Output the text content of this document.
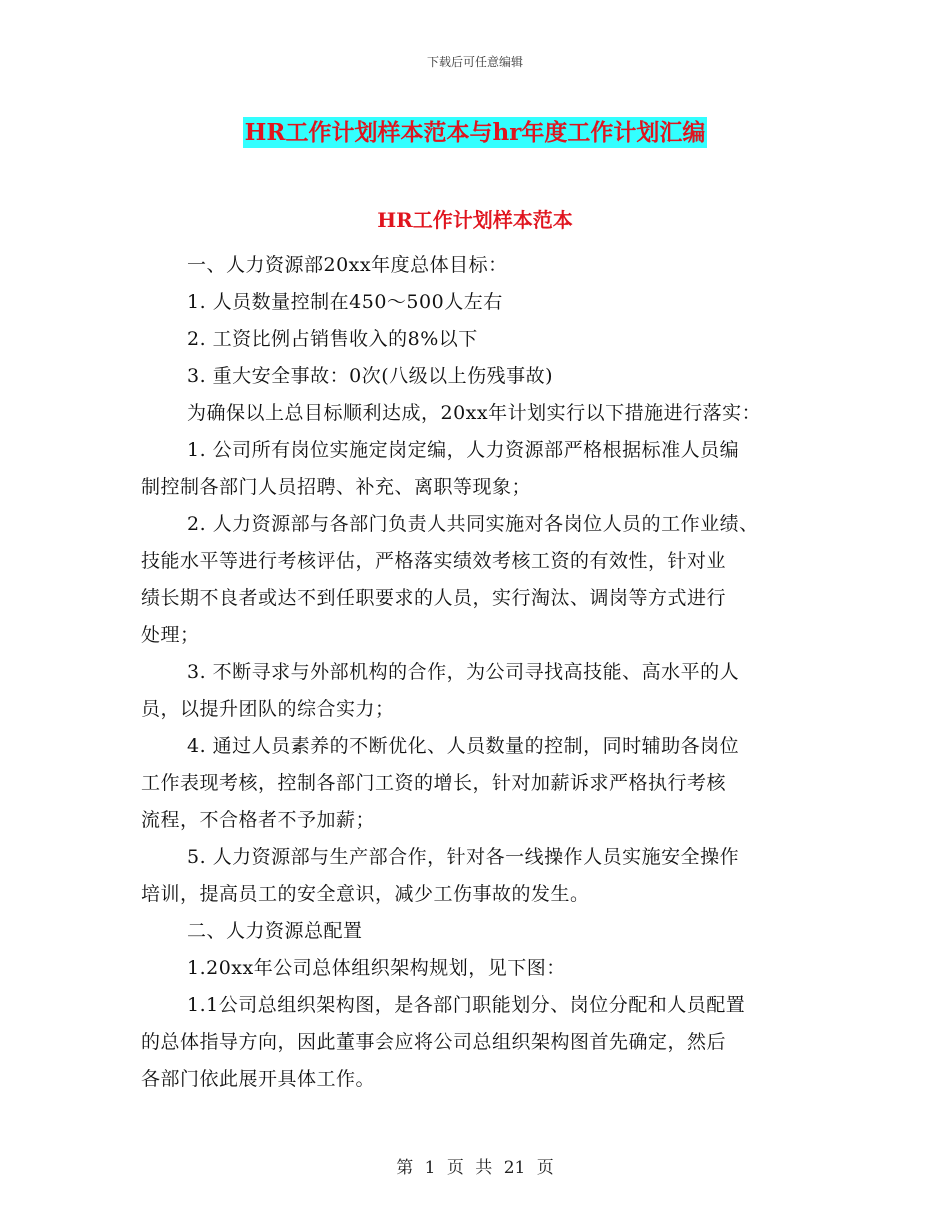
下载后可任意编辑
HR工作计划样本范本与hr年度工作计划汇编
HR工作计划样本范本
一、人力资源部20xx年度总体目标：
1. 人员数量控制在450～500人左右
2. 工资比例占销售收入的8%以下
3. 重大安全事故：0次(八级以上伤残事故)
为确保以上总目标顺利达成，20xx年计划实行以下措施进行落实：
1. 公司所有岗位实施定岗定编，人力资源部严格根据标准人员编
制控制各部门人员招聘、补充、离职等现象；
2. 人力资源部与各部门负责人共同实施对各岗位人员的工作业绩、
技能水平等进行考核评估，严格落实绩效考核工资的有效性，针对业
绩长期不良者或达不到任职要求的人员，实行淘汰、调岗等方式进行
处理；
3. 不断寻求与外部机构的合作，为公司寻找高技能、高水平的人
员，以提升团队的综合实力；
4. 通过人员素养的不断优化、人员数量的控制，同时辅助各岗位
工作表现考核，控制各部门工资的增长，针对加薪诉求严格执行考核
流程，不合格者不予加薪；
5. 人力资源部与生产部合作，针对各一线操作人员实施安全操作
培训，提高员工的安全意识，减少工伤事故的发生。
二、人力资源总配置
1.20xx年公司总体组织架构规划，见下图：
1.1公司总组织架构图，是各部门职能划分、岗位分配和人员配置
的总体指导方向，因此董事会应将公司总组织架构图首先确定，然后
各部门依此展开具体工作。
第 1 页 共 21 页
